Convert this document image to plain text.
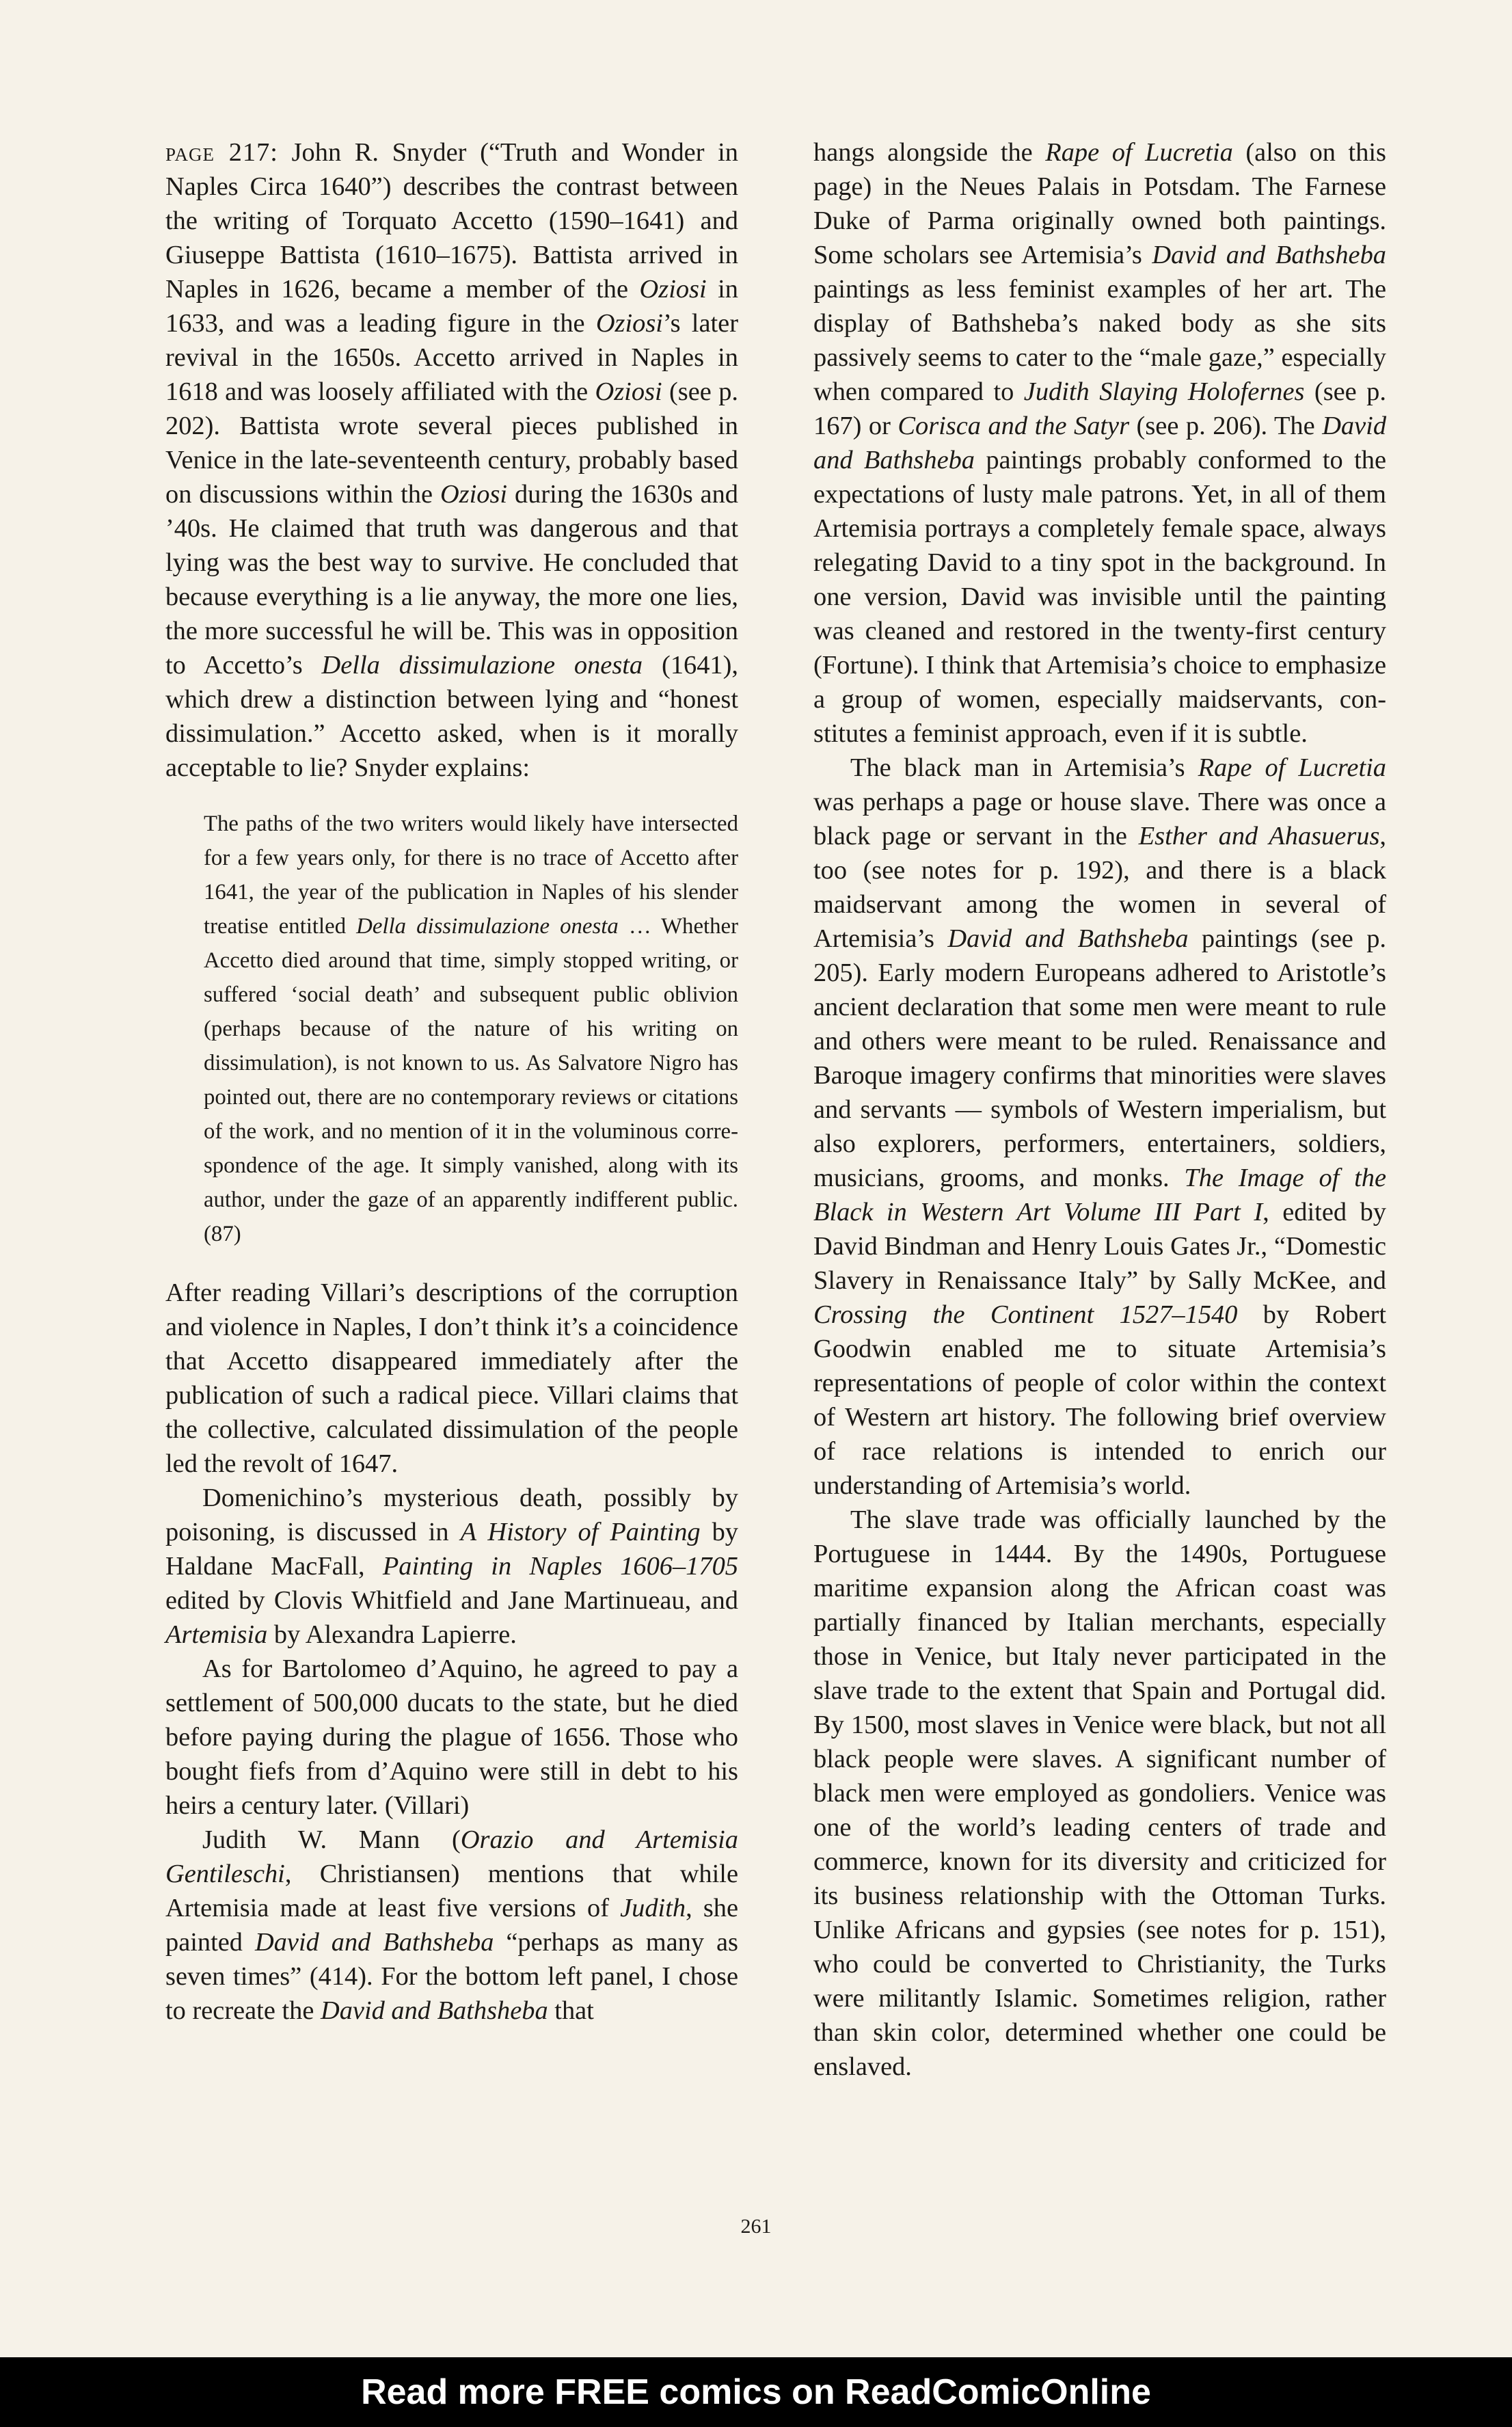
page 217: John R. Snyder (“Truth and Wonder in Naples Circa 1640”) describes the contrast between the writing of Torquato Accetto (1590–1641) and Giuseppe Battista (1610–1675). Battista arrived in Naples in 1626, became a member of the Oziosi in 1633, and was a leading figure in the Oziosi’s later revival in the 1650s. Accetto arrived in Naples in 1618 and was loosely affiliated with the Oziosi (see p. 202). Battista wrote several pieces published in Venice in the late-seventeenth century, probably based on discussions within the Oziosi during the 1630s and ’40s. He claimed that truth was dangerous and that lying was the best way to survive. He concluded that because everything is a lie anyway, the more one lies, the more successful he will be. This was in opposition to Accetto’s Della dissimulazione onesta (1641), which drew a distinction between lying and “honest dissimulation.” Accetto asked, when is it morally acceptable to lie? Snyder explains:

The paths of the two writers would likely have intersected for a few years only, for there is no trace of Accetto after 1641, the year of the publication in Naples of his slender treatise entitled Della dissimulazione onesta … Whether Accetto died around that time, simply stopped writing, or suffered ‘social death’ and subsequent public oblivion (perhaps because of the nature of his writing on dissimulation), is not known to us. As Salvatore Nigro has pointed out, there are no contemporary reviews or citations of the work, and no mention of it in the voluminous correspondence of the age. It simply vanished, along with its author, under the gaze of an apparently indifferent public. (87)

After reading Villari’s descriptions of the corruption and violence in Naples, I don’t think it’s a coincidence that Accetto disappeared immediately after the publication of such a radical piece. Villari claims that the collective, calculated dissimulation of the people led the revolt of 1647.

Domenichino’s mysterious death, possibly by poisoning, is discussed in A History of Painting by Haldane MacFall, Painting in Naples 1606–1705 edited by Clovis Whitfield and Jane Martinueau, and Artemisia by Alexandra Lapierre.

As for Bartolomeo d’Aquino, he agreed to pay a settlement of 500,000 ducats to the state, but he died before paying during the plague of 1656. Those who bought fiefs from d’Aquino were still in debt to his heirs a century later. (Villari)

Judith W. Mann (Orazio and Artemisia Gentileschi, Christiansen) mentions that while Artemisia made at least five versions of Judith, she painted David and Bathsheba “perhaps as many as seven times” (414). For the bottom left panel, I chose to recreate the David and Bathsheba that

hangs alongside the Rape of Lucretia (also on this page) in the Neues Palais in Potsdam. The Farnese Duke of Parma originally owned both paintings. Some scholars see Artemisia’s David and Bathsheba paintings as less feminist examples of her art. The display of Bathsheba’s naked body as she sits passively seems to cater to the “male gaze,” especially when compared to Judith Slaying Holofernes (see p. 167) or Corisca and the Satyr (see p. 206). The David and Bathsheba paintings probably conformed to the expectations of lusty male patrons. Yet, in all of them Artemisia portrays a completely female space, always relegating David to a tiny spot in the background. In one version, David was invisible until the painting was cleaned and restored in the twenty-first century (Fortune). I think that Artemisia’s choice to emphasize a group of women, especially maidservants, constitutes a feminist approach, even if it is subtle.

The black man in Artemisia’s Rape of Lucretia was perhaps a page or house slave. There was once a black page or servant in the Esther and Ahasuerus, too (see notes for p. 192), and there is a black maidservant among the women in several of Artemisia’s David and Bathsheba paintings (see p. 205). Early modern Europeans adhered to Aristotle’s ancient declaration that some men were meant to rule and others were meant to be ruled. Renaissance and Baroque imagery confirms that minorities were slaves and servants — symbols of Western imperialism, but also explorers, performers, entertainers, soldiers, musicians, grooms, and monks. The Image of the Black in Western Art Volume III Part I, edited by David Bindman and Henry Louis Gates Jr., “Domestic Slavery in Renaissance Italy” by Sally McKee, and Crossing the Continent 1527–1540 by Robert Goodwin enabled me to situate Artemisia’s representations of people of color within the context of Western art history. The following brief overview of race relations is intended to enrich our understanding of Artemisia’s world.

The slave trade was officially launched by the Portuguese in 1444. By the 1490s, Portuguese maritime expansion along the African coast was partially financed by Italian merchants, especially those in Venice, but Italy never participated in the slave trade to the extent that Spain and Portugal did. By 1500, most slaves in Venice were black, but not all black people were slaves. A significant number of black men were employed as gondoliers. Venice was one of the world’s leading centers of trade and commerce, known for its diversity and criticized for its business relationship with the Ottoman Turks. Unlike Africans and gypsies (see notes for p. 151), who could be converted to Christianity, the Turks were militantly Islamic. Sometimes religion, rather than skin color, determined whether one could be enslaved.

261
Read more FREE comics on ReadComicOnline
